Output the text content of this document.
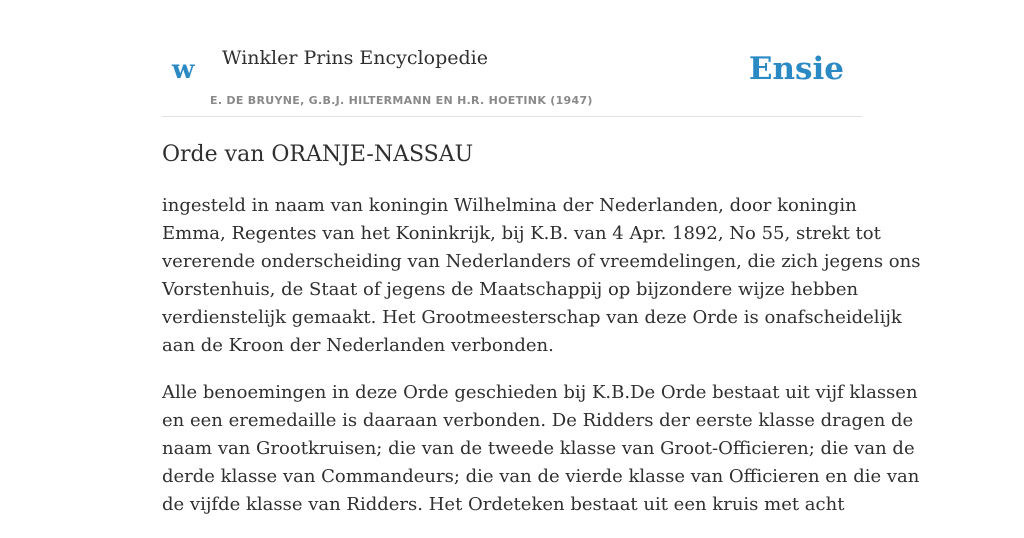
w Winkler Prins Encyclopedie
E. DE BRUYNE, G.B.J. HILTERMANN EN H.R. HOETINK (1947)
Ensie
Orde van ORANJE-NASSAU

ingesteld in naam van koningin Wilhelmina der Nederlanden, door koningin
Emma, Regentes van het Koninkrijk, bij K.B. van 4 Apr. 1892, No 55, strekt tot
vererende onderscheiding van Nederlanders of vreemdelingen, die zich jegens ons
Vorstenhuis, de Staat of jegens de Maatschappij op bijzondere wijze hebben
verdienstelijk gemaakt. Het Grootmeesterschap van deze Orde is onafscheidelijk
aan de Kroon der Nederlanden verbonden.

Alle benoemingen in deze Orde geschieden bij K.B.De Orde bestaat uit vijf klassen
en een eremedaille is daaraan verbonden. De Ridders der eerste klasse dragen de
naam van Grootkruisen; die van de tweede klasse van Groot-Officieren; die van de
derde klasse van Commandeurs; die van de vierde klasse van Officieren en die van
de vijfde klasse van Ridders. Het Ordeteken bestaat uit een kruis met acht
